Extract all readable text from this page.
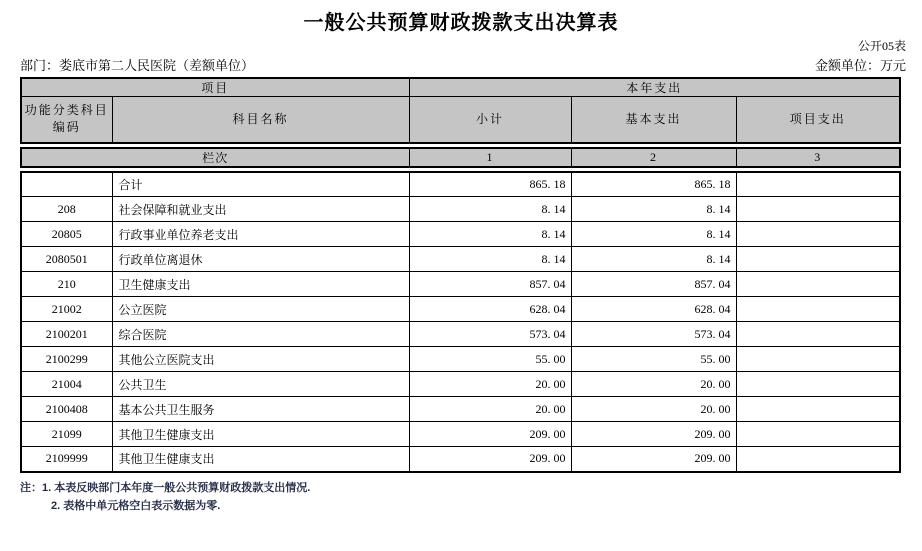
一般公共预算财政拨款支出决算表
公开05表
部门：娄底市第二人民医院（差额单位）	金额单位：万元
项目		本年支出		
功能分类科目
编码	科目名称	小计	基本支出	项目支出
栏次	1	2	3
	合计	865. 18	865. 18	
208	社会保障和就业支出	8. 14	8. 14	
20805	行政事业单位养老支出	8. 14	8. 14	
2080501	行政单位离退休	8. 14	8. 14	
210	卫生健康支出	857. 04	857. 04	
21002	公立医院	628. 04	628. 04	
2100201	综合医院	573. 04	573. 04	
2100299	其他公立医院支出	55. 00	55. 00	
21004	公共卫生	20. 00	20. 00	
2100408	基本公共卫生服务	20. 00	20. 00	
21099	其他卫生健康支出	209. 00	209. 00	
2109999	其他卫生健康支出	209. 00	209. 00	
注：1. 本表反映部门本年度一般公共预算财政拨款支出情况.
2. 表格中单元格空白表示数据为零.
